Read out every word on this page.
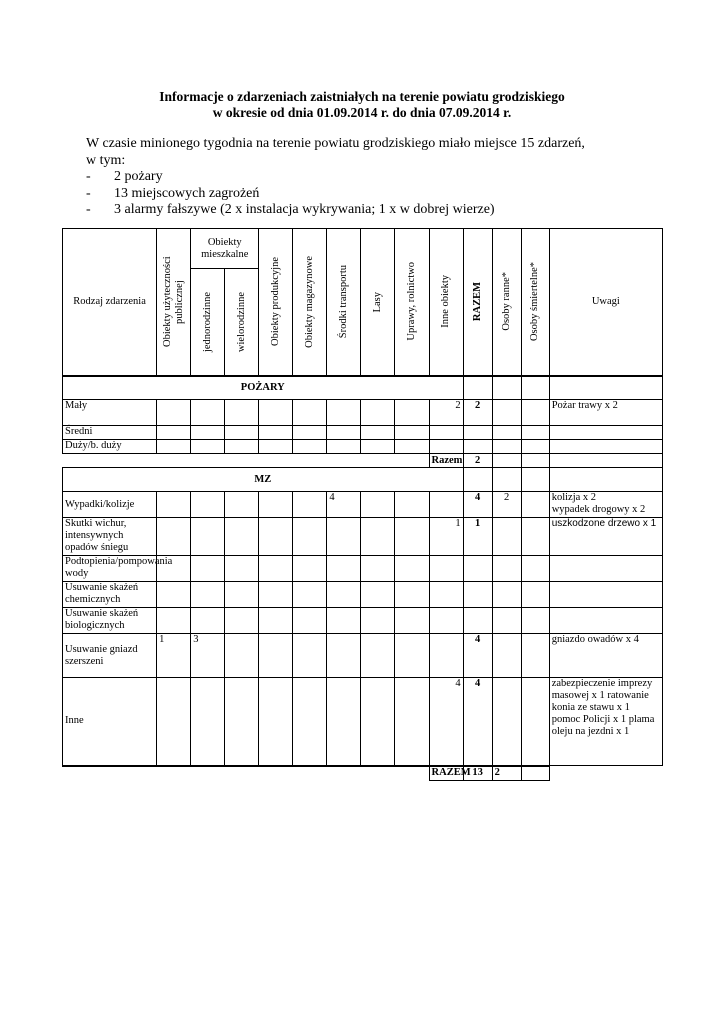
Informacje o zdarzeniach zaistniałych na terenie powiatu grodziskiego
w okresie od dnia 01.09.2014 r. do dnia 07.09.2014 r.
W czasie minionego tygodnia na terenie powiatu grodziskiego miało miejsce 15 zdarzeń,
w tym:
-	2 pożary
-	13 miejscowych zagrożeń
-	3 alarmy fałszywe (2 x instalacja wykrywania; 1 x w dobrej wierze)
Rodzaj zdarzenia	Obiekty użyteczności publicznej	Obiekty mieszkalne		Obiekty produkcyjne	Obiekty magazynowe	Środki transportu	Lasy	Uprawy, rolnictwo	Inne obiekty	RAZEM	Osoby ranne*	Osoby śmiertelne*	Uwagi

		jednorodzinne	wielorodzinne										

POŻARY													
Mały									2	2			Pożar trawy x 2
Średni													
Duży/b. duży													
									Razem	2			
MZ													
Wypadki/kolizje						4				4	2		kolizja x 2
wypadek drogowy x 2
Skutki wichur, intensywnych opadów śniegu									1	1			uszkodzone drzewo x 1
Podtopienia/pompowania wody													
Usuwanie skażeń chemicznych													
Usuwanie skażeń biologicznych													
Usuwanie gniazd szerszeni	1	3								4			gniazdo owadów x 4
Inne									4	4			zabezpieczenie imprezy masowej x 1 ratowanie konia ze stawu x 1 pomoc Policji x 1 plama oleju na jezdni x 1
									RAZEM	13	2		
